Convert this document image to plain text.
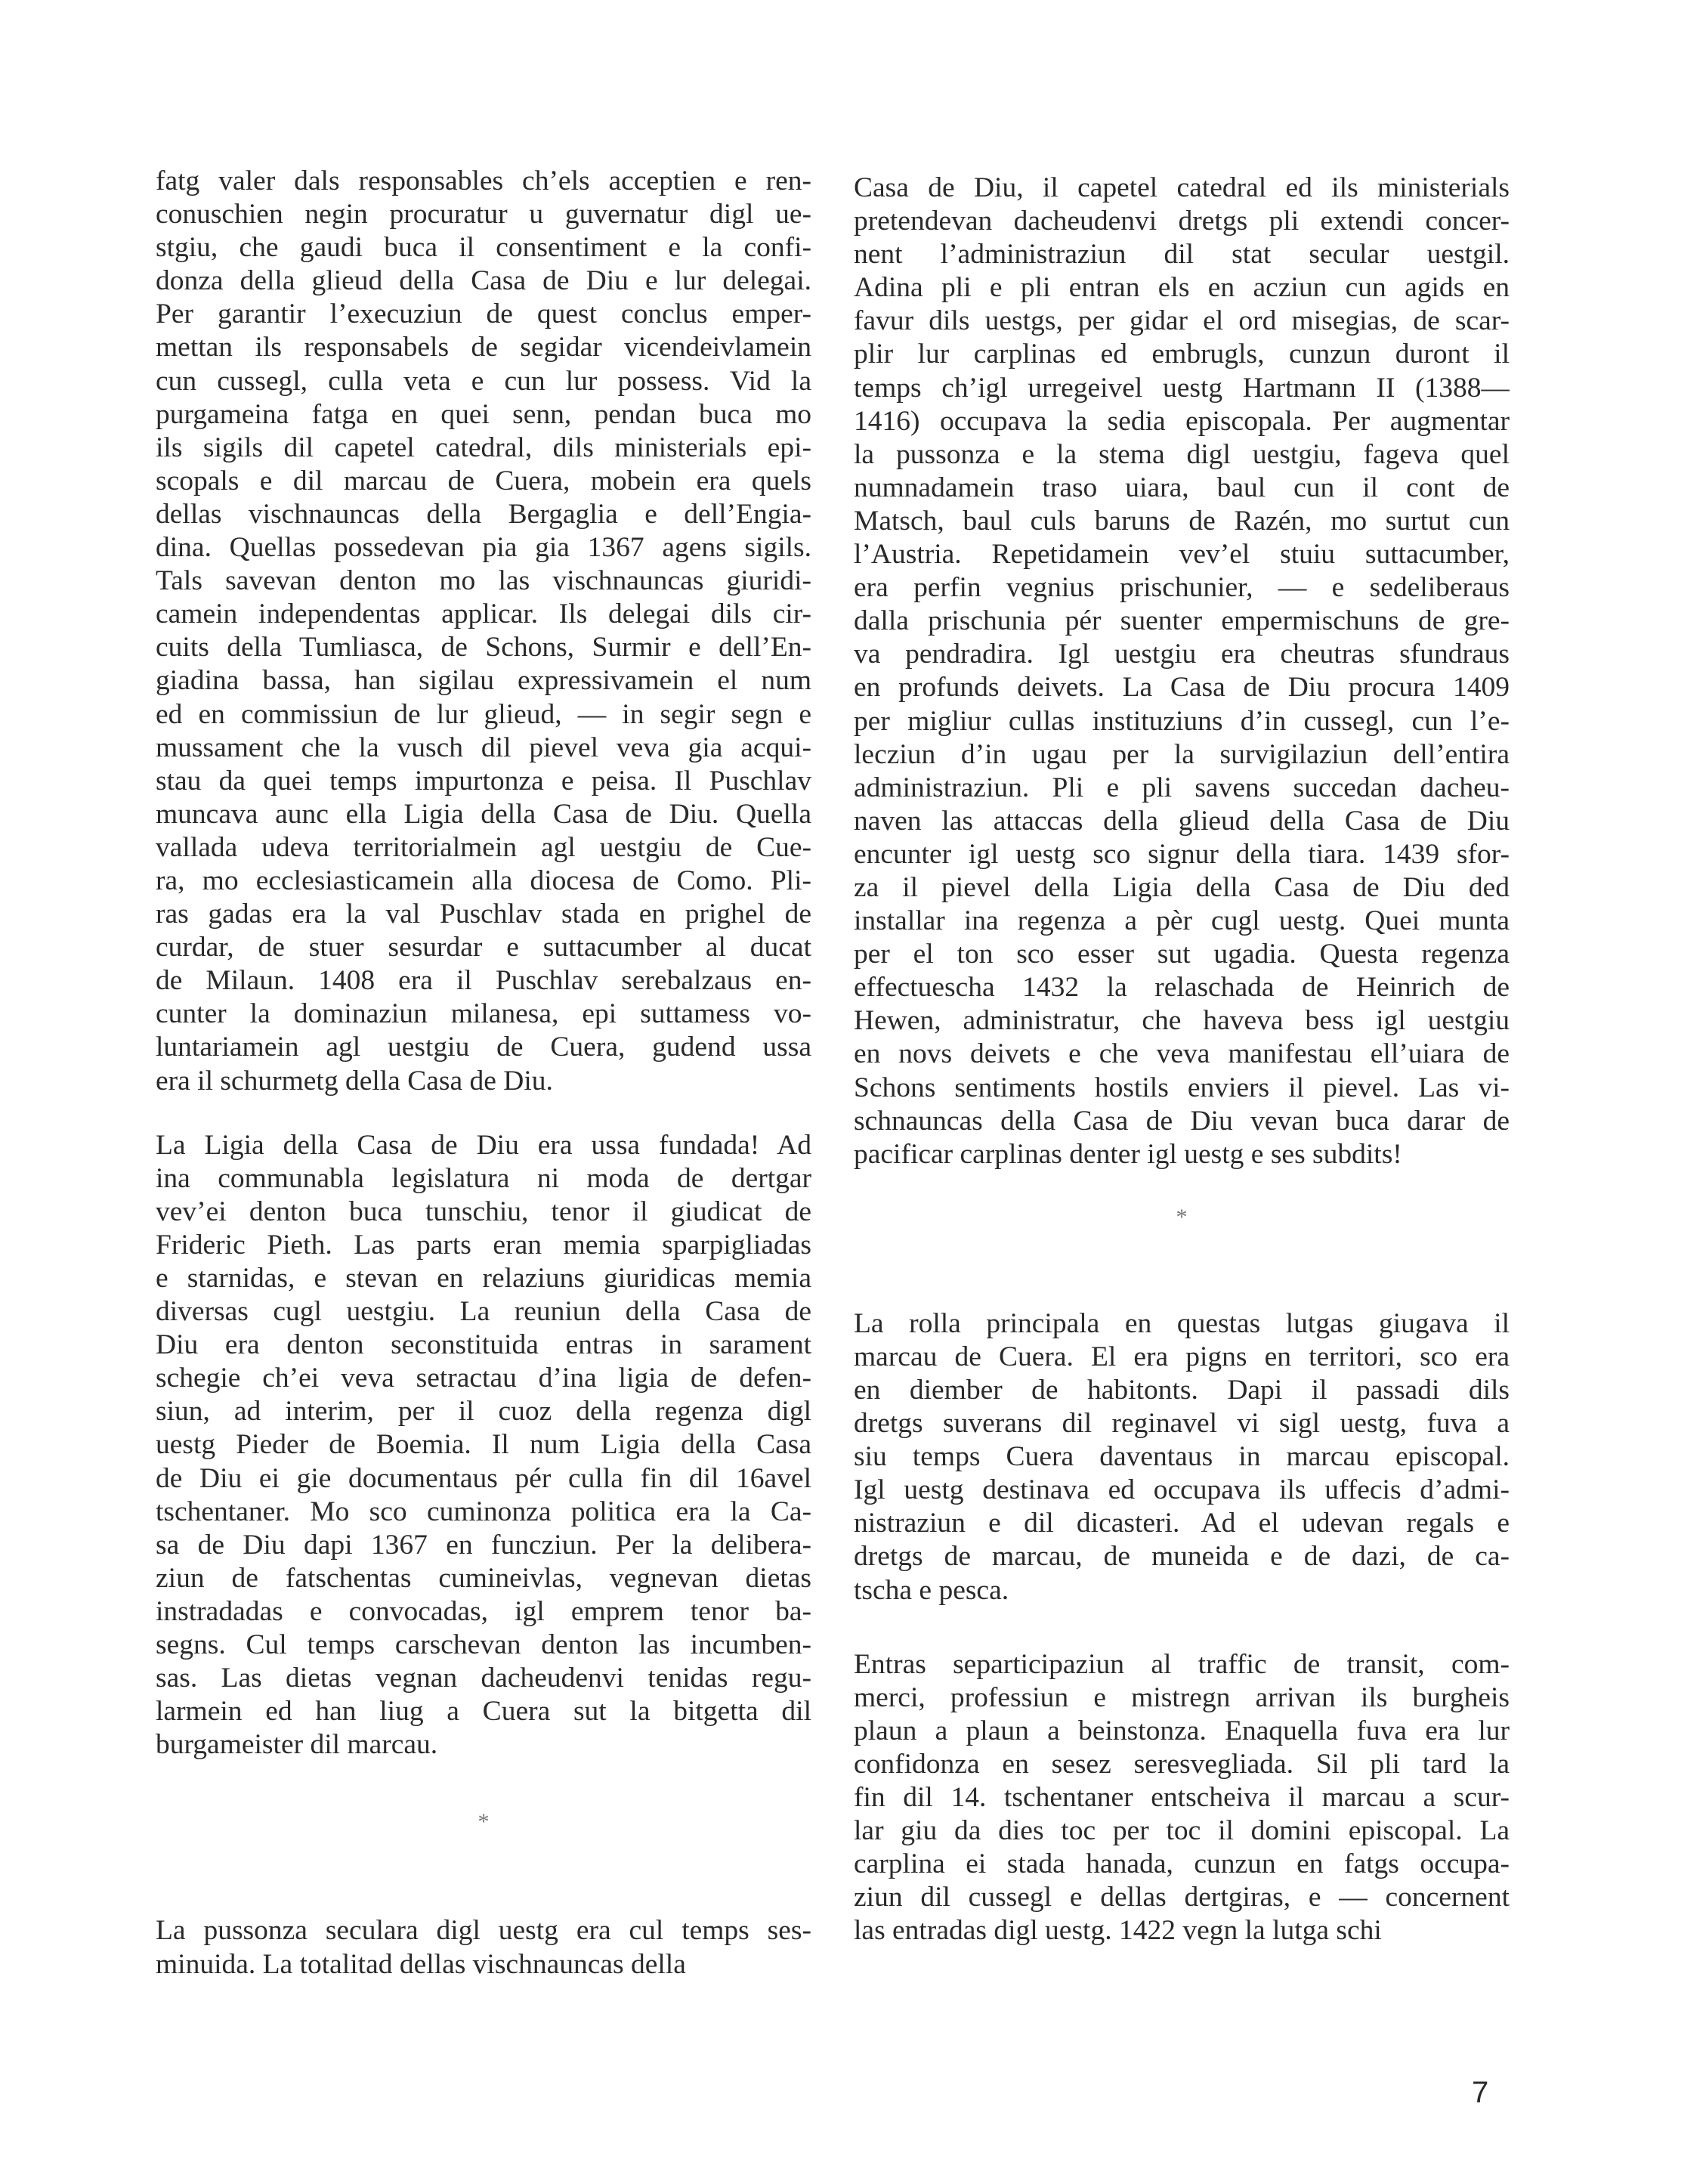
fatg valer dals responsables ch’els acceptien e ren-
conuschien negin procuratur u guvernatur digl ue-
stgiu, che gaudi buca il consentiment e la confi-
donza della glieud della Casa de Diu e lur delegai.
Per garantir l’execuziun de quest conclus emper-
mettan ils responsabels de segidar vicendeivlamein
cun cussegl, culla veta e cun lur possess. Vid la
purgameina fatga en quei senn, pendan buca mo
ils sigils dil capetel catedral, dils ministerials epi-
scopals e dil marcau de Cuera, mobein era quels
dellas vischnauncas della Bergaglia e dell’Engia-
dina. Quellas possedevan pia gia 1367 agens sigils.
Tals savevan denton mo las vischnauncas giuridi-
camein independentas applicar. Ils delegai dils cir-
cuits della Tumliasca, de Schons, Surmir e dell’En-
giadina bassa, han sigilau expressivamein el num
ed en commissiun de lur glieud, — in segir segn e
mussament che la vusch dil pievel veva gia acqui-
stau da quei temps impurtonza e peisa. Il Puschlav
muncava aunc ella Ligia della Casa de Diu. Quella
vallada udeva territorialmein agl uestgiu de Cue-
ra, mo ecclesiasticamein alla diocesa de Como. Pli-
ras gadas era la val Puschlav stada en prighel de
curdar, de stuer sesurdar e suttacumber al ducat
de Milaun. 1408 era il Puschlav serebalzaus en-
cunter la dominaziun milanesa, epi suttamess vo-
luntariamein agl uestgiu de Cuera, gudend ussa
era il schurmetg della Casa de Diu.
La Ligia della Casa de Diu era ussa fundada! Ad
ina communabla legislatura ni moda de dertgar
vev’ei denton buca tunschiu, tenor il giudicat de
Frideric Pieth. Las parts eran memia sparpigliadas
e starnidas, e stevan en relaziuns giuridicas memia
diversas cugl uestgiu. La reuniun della Casa de
Diu era denton seconstituida entras in sarament
schegie ch’ei veva setractau d’ina ligia de defen-
siun, ad interim, per il cuoz della regenza digl
uestg Pieder de Boemia. Il num Ligia della Casa
de Diu ei gie documentaus pér culla fin dil 16avel
tschentaner. Mo sco cuminonza politica era la Ca-
sa de Diu dapi 1367 en funcziun. Per la delibera-
ziun de fatschentas cumineivlas, vegnevan dietas
instradadas e convocadas, igl emprem tenor ba-
segns. Cul temps carschevan denton las incumben-
sas. Las dietas vegnan dacheudenvi tenidas regu-
larmein ed han liug a Cuera sut la bitgetta dil
burgameister dil marcau.
*
La pussonza seculara digl uestg era cul temps ses-
minuida. La totalitad dellas vischnauncas della
Casa de Diu, il capetel catedral ed ils ministerials
pretendevan dacheudenvi dretgs pli extendi concer-
nent l’administraziun dil stat secular uestgil.
Adina pli e pli entran els en acziun cun agids en
favur dils uestgs, per gidar el ord misegias, de scar-
plir lur carplinas ed embrugls, cunzun duront il
temps ch’igl urregeivel uestg Hartmann II (1388—
1416) occupava la sedia episcopala. Per augmentar
la pussonza e la stema digl uestgiu, fageva quel
numnadamein traso uiara, baul cun il cont de
Matsch, baul culs baruns de Razén, mo surtut cun
l’Austria. Repetidamein vev’el stuiu suttacumber,
era perfin vegnius prischunier, — e sedeliberaus
dalla prischunia pér suenter empermischuns de gre-
va pendradira. Igl uestgiu era cheutras sfundraus
en profunds deivets. La Casa de Diu procura 1409
per migliur cullas instituziuns d’in cussegl, cun l’e-
lecziun d’in ugau per la survigilaziun dell’entira
administraziun. Pli e pli savens succedan dacheu-
naven las attaccas della glieud della Casa de Diu
encunter igl uestg sco signur della tiara. 1439 sfor-
za il pievel della Ligia della Casa de Diu ded
installar ina regenza a pèr cugl uestg. Quei munta
per el ton sco esser sut ugadia. Questa regenza
effectuescha 1432 la relaschada de Heinrich de
Hewen, administratur, che haveva bess igl uestgiu
en novs deivets e che veva manifestau ell’uiara de
Schons sentiments hostils enviers il pievel. Las vi-
schnauncas della Casa de Diu vevan buca darar de
pacificar carplinas denter igl uestg e ses subdits!
*
La rolla principala en questas lutgas giugava il
marcau de Cuera. El era pigns en territori, sco era
en diember de habitonts. Dapi il passadi dils
dretgs suverans dil reginavel vi sigl uestg, fuva a
siu temps Cuera daventaus in marcau episcopal.
Igl uestg destinava ed occupava ils uffecis d’admi-
nistraziun e dil dicasteri. Ad el udevan regals e
dretgs de marcau, de muneida e de dazi, de ca-
tscha e pesca.
Entras separticipaziun al traffic de transit, com-
merci, professiun e mistregn arrivan ils burgheis
plaun a plaun a beinstonza. Enaquella fuva era lur
confidonza en sesez seresvegliada. Sil pli tard la
fin dil 14. tschentaner entscheiva il marcau a scur-
lar giu da dies toc per toc il domini episcopal. La
carplina ei stada hanada, cunzun en fatgs occupa-
ziun dil cussegl e dellas dertgiras, e — concernent
las entradas digl uestg. 1422 vegn la lutga schi
7
